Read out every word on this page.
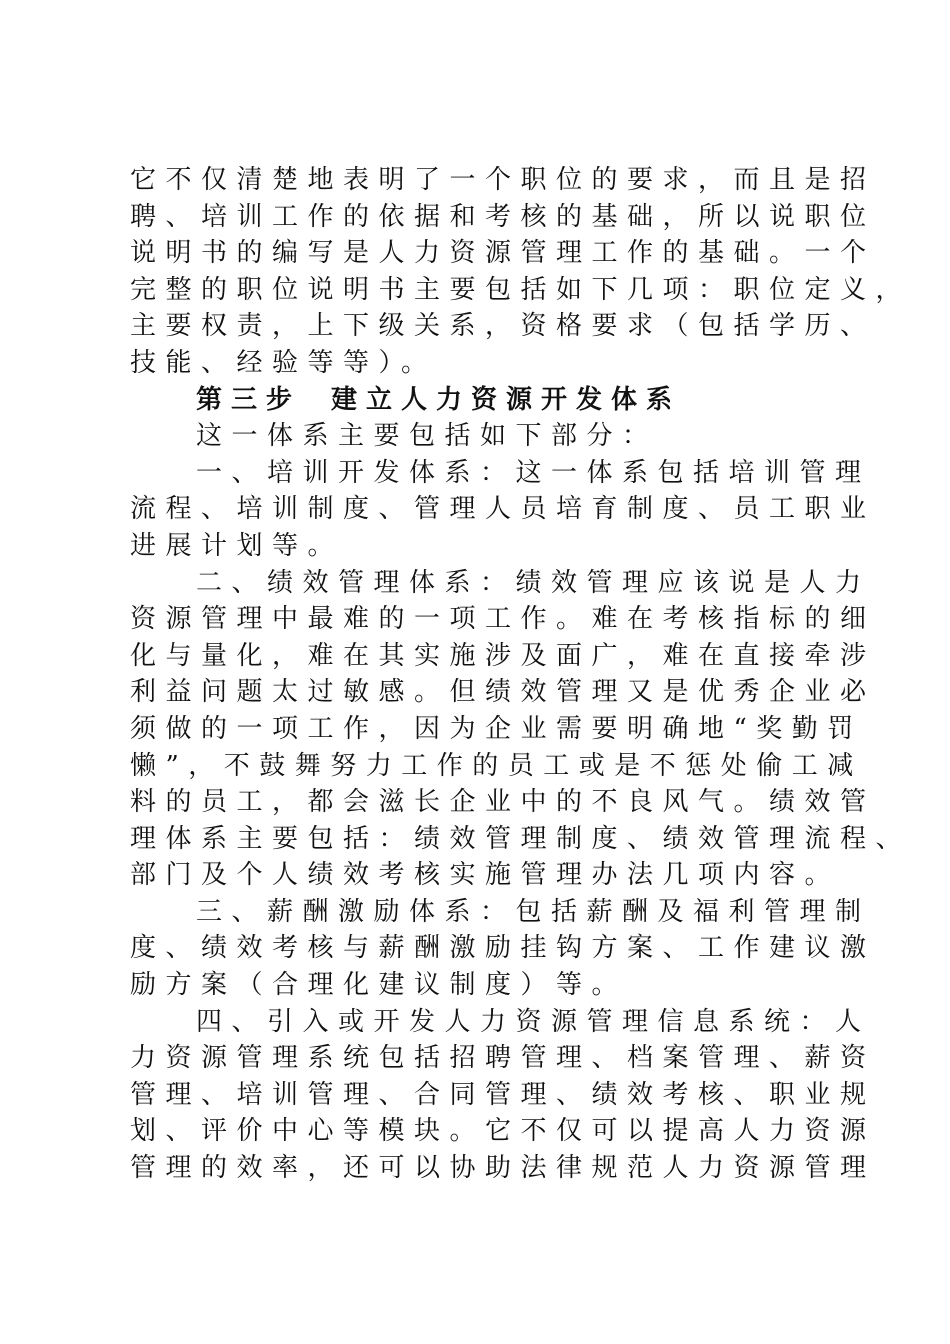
它不仅清楚地表明了一个职位的要求，而且是招
聘、培训工作的依据和考核的基础，所以说职位
说明书的编写是人力资源管理工作的基础。一个
完整的职位说明书主要包括如下几项：职位定义，
主要权责，上下级关系，资格要求（包括学历、
技能、经验等等）。
第三步 建立人力资源开发体系
这一体系主要包括如下部分：
一、培训开发体系：这一体系包括培训管理
流程、培训制度、管理人员培育制度、员工职业
进展计划等。
二、绩效管理体系：绩效管理应该说是人力
资源管理中最难的一项工作。难在考核指标的细
化与量化，难在其实施涉及面广，难在直接牵涉
利益问题太过敏感。但绩效管理又是优秀企业必
须做的一项工作，因为企业需要明确地“奖勤罚
懒”，不鼓舞努力工作的员工或是不惩处偷工减
料的员工，都会滋长企业中的不良风气。绩效管
理体系主要包括：绩效管理制度、绩效管理流程、
部门及个人绩效考核实施管理办法几项内容。
三、薪酬激励体系：包括薪酬及福利管理制
度、绩效考核与薪酬激励挂钩方案、工作建议激
励方案（合理化建议制度）等。
四、引入或开发人力资源管理信息系统：人
力资源管理系统包括招聘管理、档案管理、薪资
管理、培训管理、合同管理、绩效考核、职业规
划、评价中心等模块。它不仅可以提高人力资源
管理的效率，还可以协助法律规范人力资源管理
